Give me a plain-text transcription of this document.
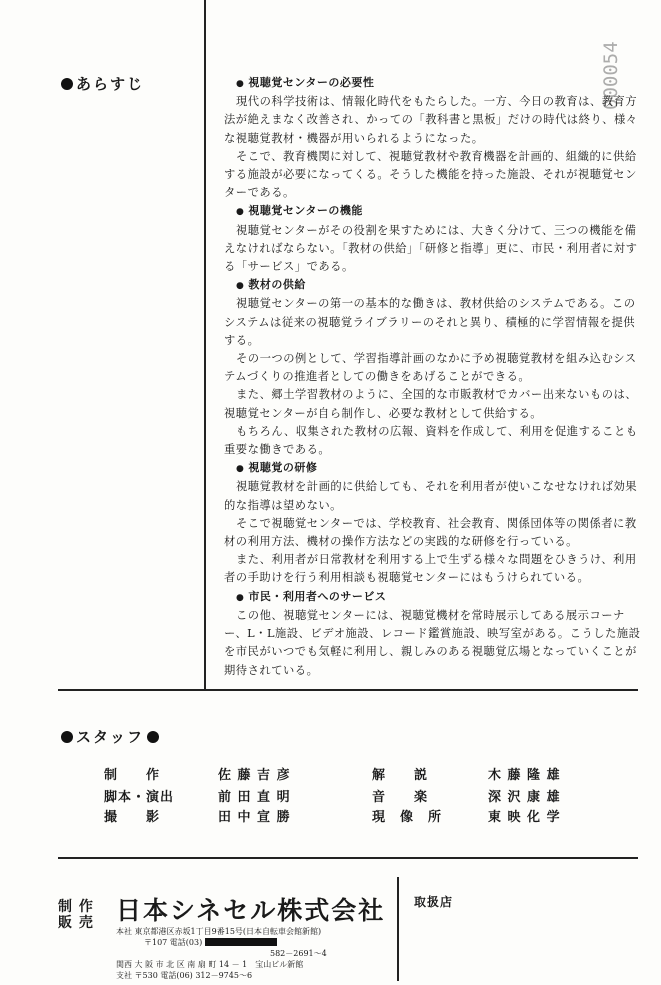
000054
あらすじ
●	視聴覚センターの必要性

現代の科学技術は、情報化時代をもたらした。一方、今日の教育は、教育方法が絶えまなく改善され、かっての「教科書と黒板」だけの時代は終り、様々な視聴覚教材・機器が用いられるようになった。

そこで、教育機関に対して、視聴覚教材や教育機器を計画的、組織的に供給する施設が必要になってくる。そうした機能を持った施設、それが視聴覚センターである。

● 視聴覚センターの機能

視聴覚センターがその役割を果すためには、大きく分けて、三つの機能を備えなければならない。「教材の供給」「研修と指導」更に、市民・利用者に対する「サービス」である。

● 教材の供給

視聴覚センターの第一の基本的な働きは、教材供給のシステムである。このシステムは従来の視聴覚ライブラリーのそれと異り、積極的に学習情報を提供する。

その一つの例として、学習指導計画のなかに予め視聴覚教材を組み込むシステムづくりの推進者としての働きをあげることができる。

また、郷土学習教材のように、全国的な市販教材でカバー出来ないものは、視聴覚センターが自ら制作し、必要な教材として供給する。

もちろん、収集された教材の広報、資料を作成して、利用を促進することも重要な働きである。

● 視聴覚の研修

視聴覚教材を計画的に供給しても、それを利用者が使いこなせなければ効果的な指導は望めない。

そこで視聴覚センターでは、学校教育、社会教育、関係団体等の関係者に教材の利用方法、機材の操作方法などの実践的な研修を行っている。

また、利用者が日常教材を利用する上で生ずる様々な問題をひきうけ、利用者の手助けを行う利用相談も視聴覚センターにはもうけられている。

● 市民・利用者へのサービス

この他、視聴覚センターには、視聴覚機材を常時展示してある展示コーナー、L・L施設、ビデオ施設、レコード鑑賞施設、映写室がある。こうした施設を市民がいつでも気軽に利用し、親しみのある視聴覚広場となっていくことが期待されている。

スタッフ
制　　作	佐 藤 吉 彦	解　　説	木 藤 隆 雄
脚本・演出	前 田 直 明	音　　楽	深 沢 康 雄
撮　　影	田 中 宣 勝	現　像　所	東 映 化 学
制 作
販 売 日本シネセル株式会社 取扱店
本社 東京都港区赤坂1丁目9番15号(日本自転車会館新館)
〒107 電話(03)
582－2691～4
関西 大 阪 市 北 区 南 扇 町 14 － 1　宝山ビル新館
支社 〒530 電話(06) 312－9745～6
